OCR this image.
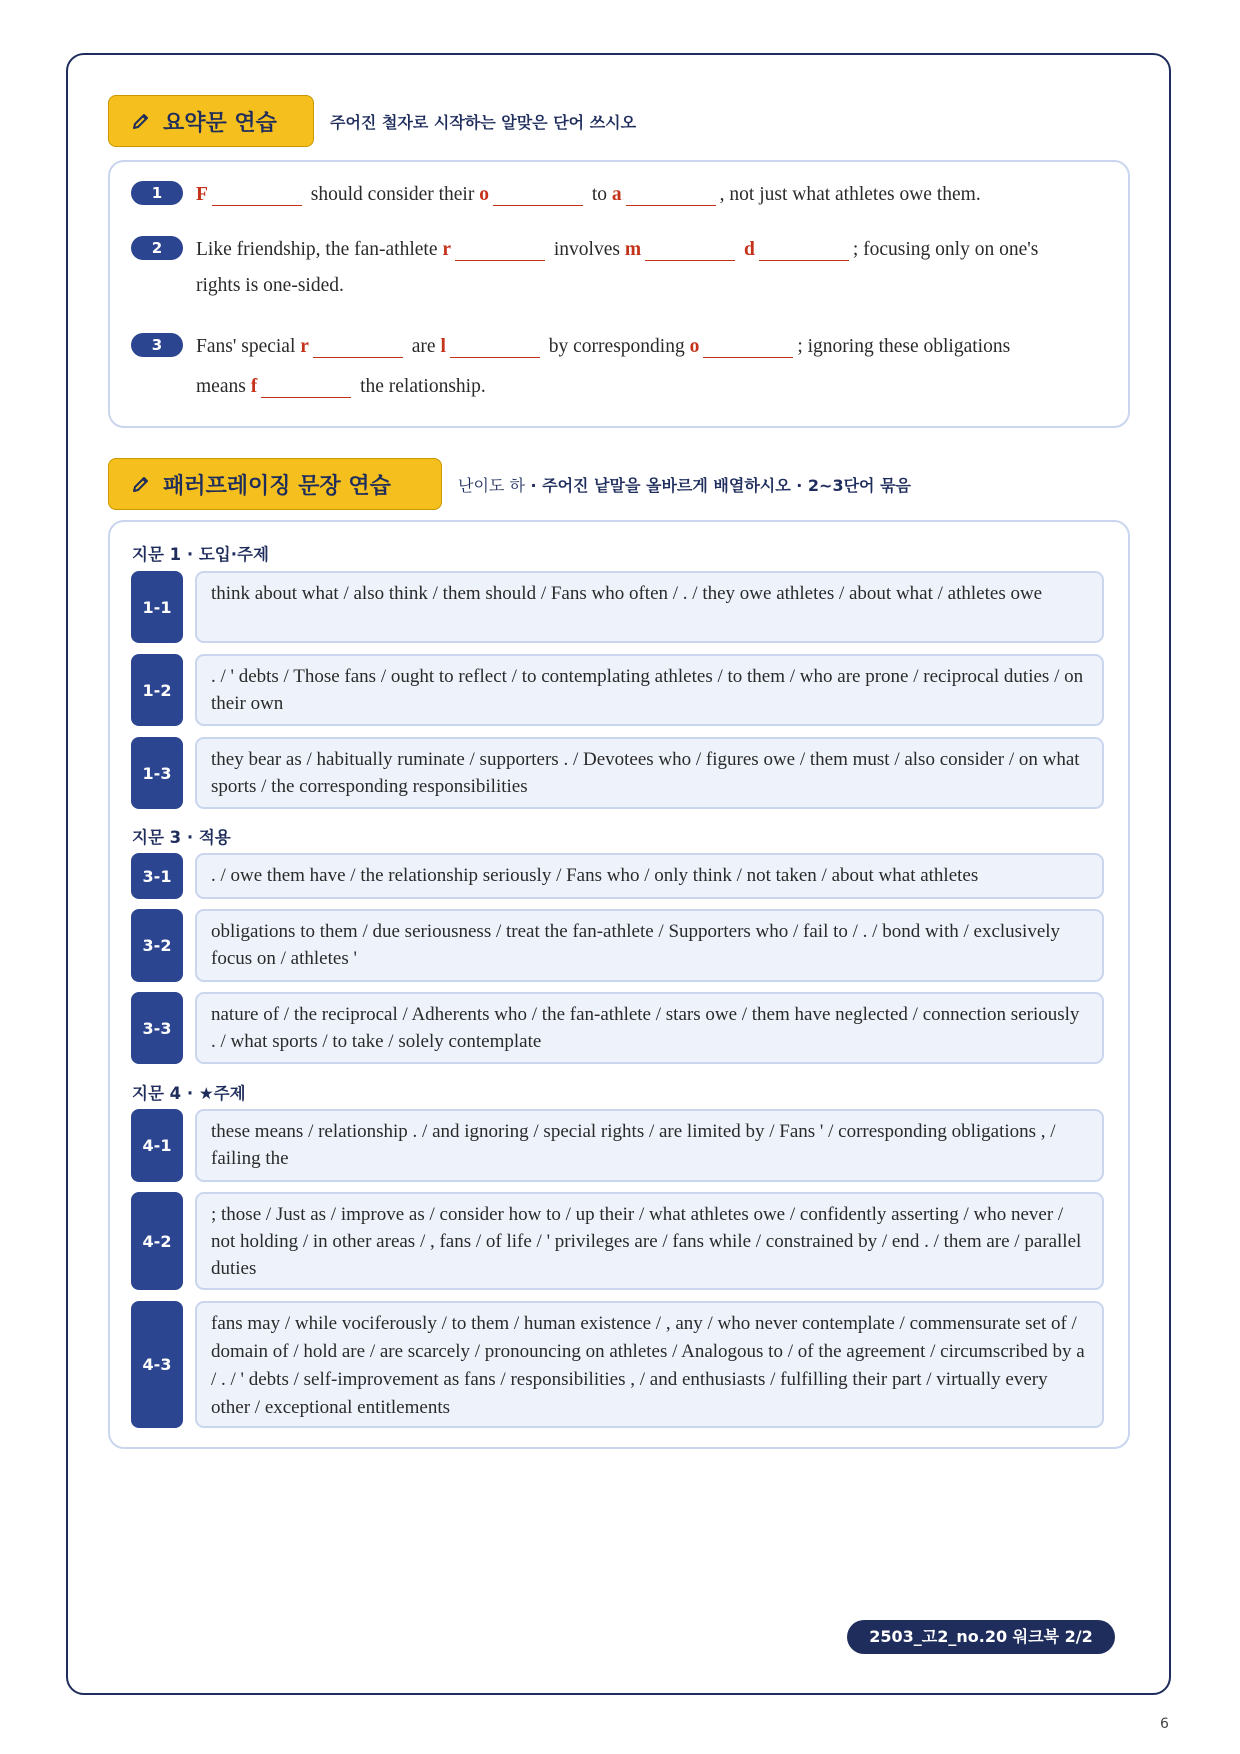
요약문 연습	주어진 철자로 시작하는 알맞은 단어 쓰시오
1	F	should consider their o	to a	, not just what athletes owe them.
2	Like friendship, the fan-athlete r	involves m	d	; focusing only on one's
rights is one-sided.
3	Fans' special r	are l	by corresponding o	; ignoring these obligations
means f	the relationship.
패러프레이징 문장 연습	난이도 하 · 주어진 낱말을 올바르게 배열하시오 · 2~3단어 묶음
지문 1 · 도입·주제
1-1
think about what / also think / them should / Fans who often / . / they owe athletes / about what / athletes owe
1-2
. / ' debts / Those fans / ought to reflect / to contemplating athletes / to them / who are prone / reciprocal duties / on their own
1-3
they bear as / habitually ruminate / supporters . / Devotees who / figures owe / them must / also consider / on what sports / the corresponding responsibilities
지문 3 · 적용
3-1	. / owe them have / the relationship seriously / Fans who / only think / not taken / about what athletes
3-2
obligations to them / due seriousness / treat the fan-athlete / Supporters who / fail to / . / bond with / exclusively focus on / athletes '
3-3
nature of / the reciprocal / Adherents who / the fan-athlete / stars owe / them have neglected / connection seriously . / what sports / to take / solely contemplate
지문 4 · ★주제
4-1
these means / relationship . / and ignoring / special rights / are limited by / Fans ' / corresponding obligations , / failing the
4-2
; those / Just as / improve as / consider how to / up their / what athletes owe / confidently asserting / who never / not holding / in other areas / , fans / of life / ' privileges are / fans while / constrained by / end . / them are / parallel duties
4-3
fans may / while vociferously / to them / human existence / , any / who never contemplate / commensurate set of / domain of / hold are / are scarcely / pronouncing on athletes / Analogous to / of the agreement / circumscribed by a / . / ' debts / self-improvement as fans / responsibilities , / and enthusiasts / fulfilling their part / virtually every other / exceptional entitlements
2503_고2_no.20 워크북 2/2
6
